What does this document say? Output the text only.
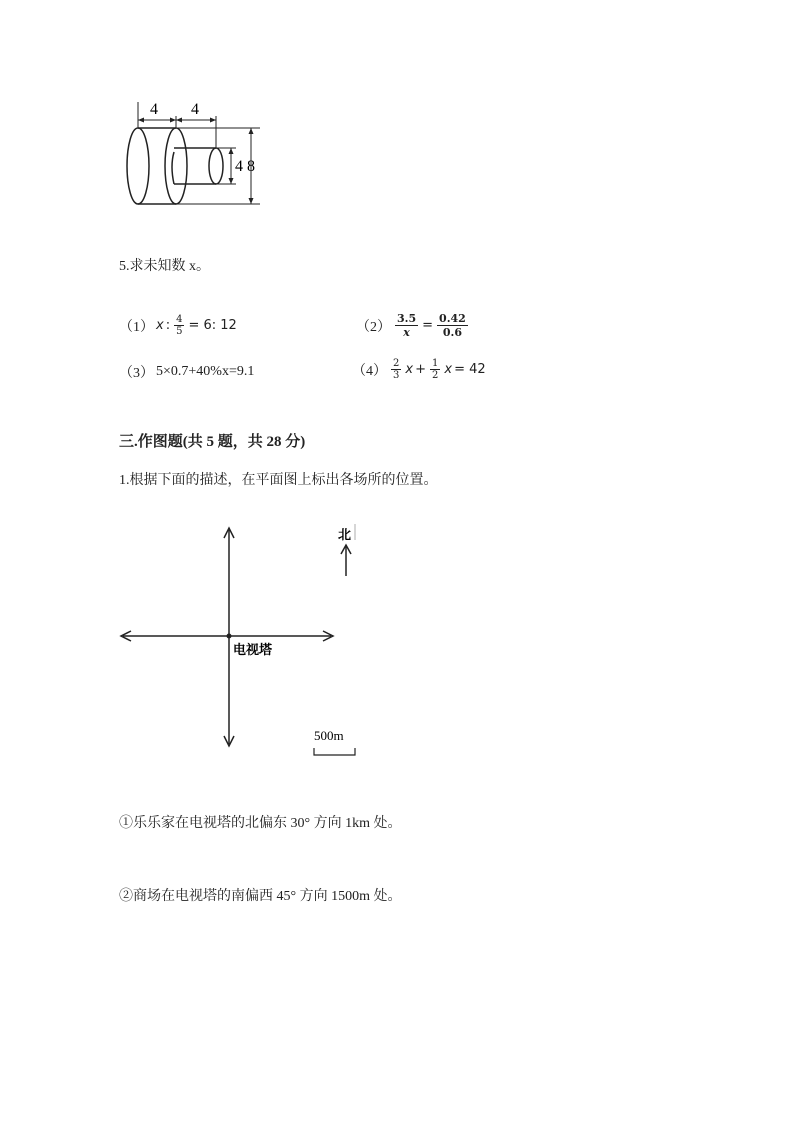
4 4
4 8
5.求未知数 x。
（1） x : $\frac{4}{5} = 6$: 12	$(2) \frac{3.5}{x} = \frac{0.42}{0.6}$
（3） 5×0.7+40%x=9.1	$(4) \frac{2}{3}$ $x + \frac{1}{2}$ x = 42
三.作图题(共 5 题，共 28 分)
1.根据下面的描述，在平面图上标出各场所的位置。
电视塔
北
500m
①乐乐家在电视塔的北偏东 30° 方向 1km 处。
②商场在电视塔的南偏西 45° 方向 1500m 处。
